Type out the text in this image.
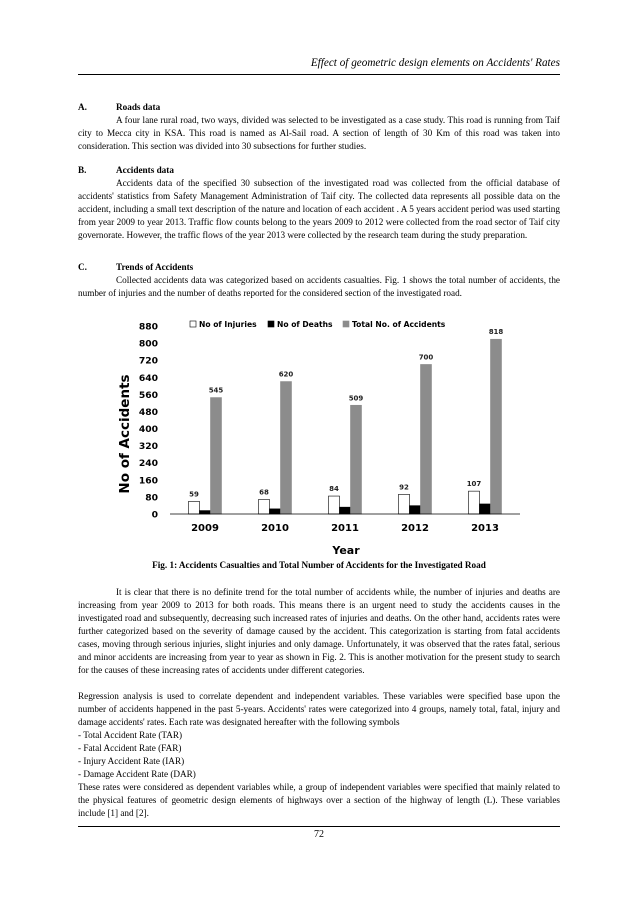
Effect of geometric design elements on Accidents' Rates
A.	Roads data
A four lane rural road, two ways, divided was selected to be investigated as a case study. This road is running from Taif city to Mecca city in KSA. This road is named as Al-Sail road. A section of length of 30 Km of this road was taken into consideration. This section was divided into 30 subsections for further studies.
B.	Accidents data
Accidents data of the specified 30 subsection of the investigated road was collected from the official database of accidents' statistics from Safety Management Administration of Taif city. The collected data represents all possible data on the accident, including a small text description of the nature and location of each accident . A 5 years accident period was used starting from year 2009 to year 2013. Traffic flow counts belong to the years 2009 to 2012 were collected from the road sector of Taif city governorate. However, the traffic flows of the year 2013 were collected by the research team during the study preparation.
C.	Trends of Accidents
Collected accidents data was categorized based on accidents casualties. Fig. 1 shows the total number of accidents, the number of injuries and the number of deaths reported for the considered section of the investigated road.
No of Injuries	No of Deaths	Total No. of Accidents
0
80
160
240
320
400
480
560
640
720
800
880
59
545
68
620
84
509
92
700
107
818
2009	2010	2011	2012	2013
No of Accidents
Year
Fig. 1: Accidents Casualties and Total Number of Accidents for the Investigated Road
It is clear that there is no definite trend for the total number of accidents while, the number of injuries and deaths are increasing from year 2009 to 2013 for both roads. This means there is an urgent need to study the accidents causes in the investigated road and subsequently, decreasing such increased rates of injuries and deaths. On the other hand, accidents rates were further categorized based on the severity of damage caused by the accident. This categorization is starting from fatal accidents cases, moving through serious injuries, slight injuries and only damage. Unfortunately, it was observed that the rates fatal, serious and minor accidents are increasing from year to year as shown in Fig. 2. This is another motivation for the present study to search for the causes of these increasing rates of accidents under different categories.
Regression analysis is used to correlate dependent and independent variables. These variables were specified base upon the number of accidents happened in the past 5-years. Accidents' rates were categorized into 4 groups, namely total, fatal, injury and damage accidents' rates. Each rate was designated hereafter with the following symbols
- Total Accident Rate (TAR)
- Fatal Accident Rate (FAR)
- Injury Accident Rate (IAR)
- Damage Accident Rate (DAR)
These rates were considered as dependent variables while, a group of independent variables were specified that mainly related to the physical features of geometric design elements of highways over a section of the highway of length (L). These variables include [1] and [2].
72
